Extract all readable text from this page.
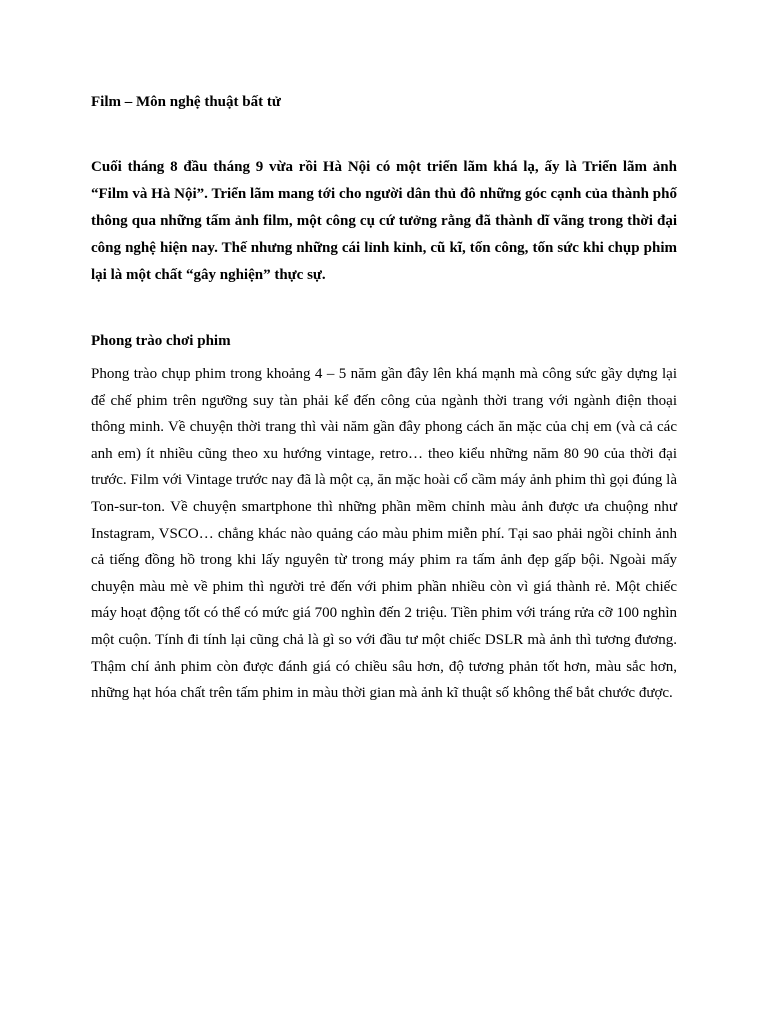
Film – Môn nghệ thuật bất tử

Cuối tháng 8 đầu tháng 9 vừa rồi Hà Nội có một triển lãm khá lạ, ấy là Triển lãm ảnh “Film và Hà Nội”. Triển lãm mang tới cho người dân thủ đô những góc cạnh của thành phố thông qua những tấm ảnh film, một công cụ cứ tưởng rằng đã thành dĩ vãng trong thời đại công nghệ hiện nay. Thế nhưng những cái lỉnh kỉnh, cũ kĩ, tốn công, tốn sức khi chụp phim lại là một chất “gây nghiện” thực sự.

Phong trào chơi phim

Phong trào chụp phim trong khoảng 4 – 5 năm gần đây lên khá mạnh mà công sức gầy dựng lại để chế phim trên ngưỡng suy tàn phải kể đến công của ngành thời trang với ngành điện thoại thông minh. Về chuyện thời trang thì vài năm gần đây phong cách ăn mặc của chị em (và cả các anh em) ít nhiều cũng theo xu hướng vintage, retro… theo kiểu những năm 80 90 của thời đại trước. Film với Vintage trước nay đã là một cạ, ăn mặc hoài cổ cầm máy ảnh phim thì gọi đúng là Ton-sur-ton. Về chuyện smartphone thì những phần mềm chỉnh màu ảnh được ưa chuộng như Instagram, VSCO… chẳng khác nào quảng cáo màu phim miễn phí. Tại sao phải ngồi chỉnh ảnh cả tiếng đồng hồ trong khi lấy nguyên từ trong máy phim ra tấm ảnh đẹp gấp bội. Ngoài mấy chuyện màu mè về phim thì người trẻ đến với phim phần nhiều còn vì giá thành rẻ. Một chiếc máy hoạt động tốt có thể có mức giá 700 nghìn đến 2 triệu. Tiền phim với tráng rửa cỡ 100 nghìn một cuộn. Tính đi tính lại cũng chả là gì so với đầu tư một chiếc DSLR mà ảnh thì tương đương. Thậm chí ảnh phim còn được đánh giá có chiều sâu hơn, độ tương phản tốt hơn, màu sắc hơn, những hạt hóa chất trên tấm phim in màu thời gian mà ảnh kĩ thuật số không thể bắt chước được.
